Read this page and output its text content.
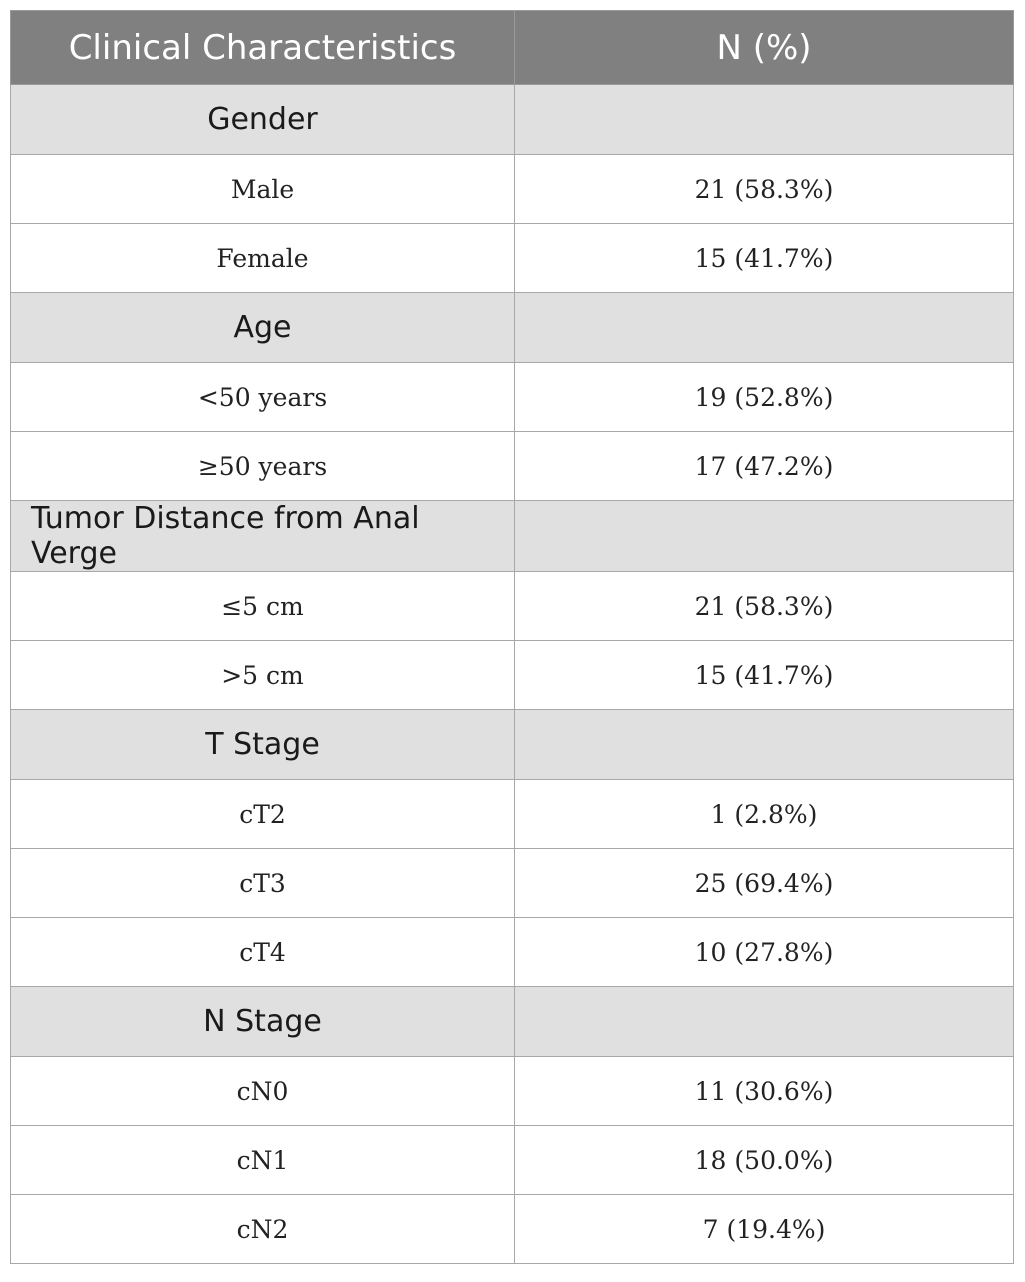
Clinical Characteristics	N (%)
Gender	
Male	21 (58.3%)
Female	15 (41.7%)
Age	
<50 years	19 (52.8%)
≥50 years	17 (47.2%)
Tumor Distance from Anal Verge	
≤5 cm	21 (58.3%)
>5 cm	15 (41.7%)
T Stage	
cT2	1 (2.8%)
cT3	25 (69.4%)
cT4	10 (27.8%)
N Stage	
cN0	11 (30.6%)
cN1	18 (50.0%)
cN2	7 (19.4%)
